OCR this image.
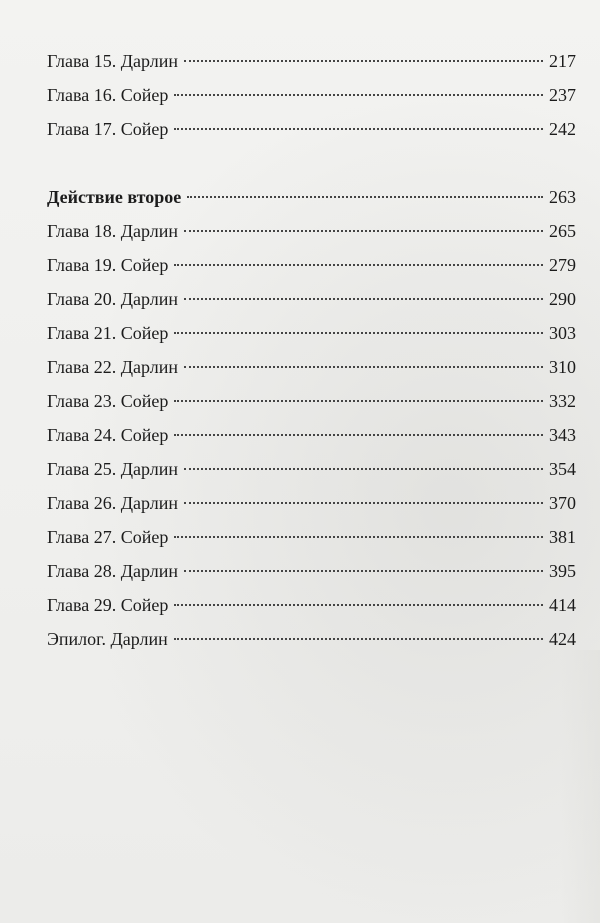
Глава 15. Дарлин	217
Глава 16. Сойер	237
Глава 17. Сойер	242
Действие второе	263
Глава 18. Дарлин	265
Глава 19. Сойер	279
Глава 20. Дарлин	290
Глава 21. Сойер	303
Глава 22. Дарлин	310
Глава 23. Сойер	332
Глава 24. Сойер	343
Глава 25. Дарлин	354
Глава 26. Дарлин	370
Глава 27. Сойер	381
Глава 28. Дарлин	395
Глава 29. Сойер	414
Эпилог. Дарлин	424
